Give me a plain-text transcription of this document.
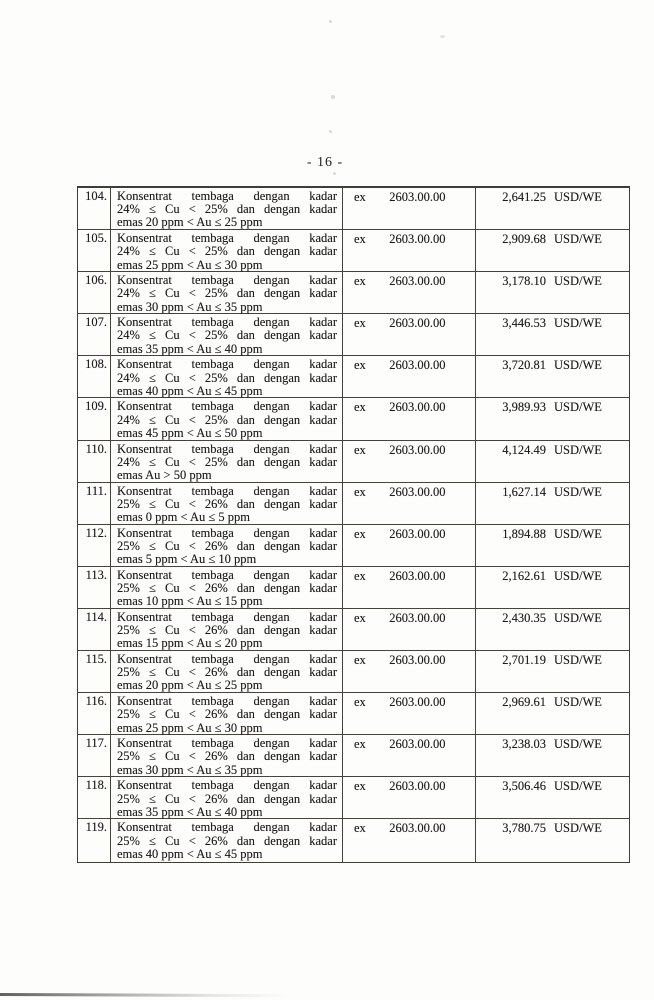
- 16 -
104. Konsentrat tembaga dengan kadar
24% ≤ Cu < 25% dan dengan kadar
emas 20 ppm < Au ≤ 25 ppm
ex	2603.00.00	2,641.25 USD/WE
105. Konsentrat tembaga dengan kadar
24% ≤ Cu < 25% dan dengan kadar
emas 25 ppm < Au ≤ 30 ppm
ex	2603.00.00	2,909.68 USD/WE
106. Konsentrat tembaga dengan kadar
24% ≤ Cu < 25% dan dengan kadar
emas 30 ppm < Au ≤ 35 ppm
ex	2603.00.00	3,178.10 USD/WE
107. Konsentrat tembaga dengan kadar
24% ≤ Cu < 25% dan dengan kadar
emas 35 ppm < Au ≤ 40 ppm
ex	2603.00.00	3,446.53 USD/WE
108. Konsentrat tembaga dengan kadar
24% ≤ Cu < 25% dan dengan kadar
emas 40 ppm < Au ≤ 45 ppm
ex	2603.00.00	3,720.81 USD/WE
109. Konsentrat tembaga dengan kadar
24% ≤ Cu < 25% dan dengan kadar
emas 45 ppm < Au ≤ 50 ppm
ex	2603.00.00	3,989.93 USD/WE
110. Konsentrat tembaga dengan kadar
24% ≤ Cu < 25% dan dengan kadar
emas Au > 50 ppm
ex	2603.00.00	4,124.49 USD/WE
111. Konsentrat tembaga dengan kadar
25% ≤ Cu < 26% dan dengan kadar
emas 0 ppm < Au ≤ 5 ppm
ex	2603.00.00	1,627.14 USD/WE
112. Konsentrat tembaga dengan kadar
25% ≤ Cu < 26% dan dengan kadar
emas 5 ppm < Au ≤ 10 ppm
ex	2603.00.00	1,894.88 USD/WE
113. Konsentrat tembaga dengan kadar
25% ≤ Cu < 26% dan dengan kadar
emas 10 ppm < Au ≤ 15 ppm
ex	2603.00.00	2,162.61 USD/WE
114. Konsentrat tembaga dengan kadar
25% ≤ Cu < 26% dan dengan kadar
emas 15 ppm < Au ≤ 20 ppm
ex	2603.00.00	2,430.35 USD/WE
115. Konsentrat tembaga dengan kadar
25% ≤ Cu < 26% dan dengan kadar
emas 20 ppm < Au ≤ 25 ppm
ex	2603.00.00	2,701.19 USD/WE
116. Konsentrat tembaga dengan kadar
25% ≤ Cu < 26% dan dengan kadar
emas 25 ppm < Au ≤ 30 ppm
ex	2603.00.00	2,969.61 USD/WE
117. Konsentrat tembaga dengan kadar
25% ≤ Cu < 26% dan dengan kadar
emas 30 ppm < Au ≤ 35 ppm
ex	2603.00.00	3,238.03 USD/WE
118. Konsentrat tembaga dengan kadar
25% ≤ Cu < 26% dan dengan kadar
emas 35 ppm < Au ≤ 40 ppm
ex	2603.00.00	3,506.46 USD/WE
119. Konsentrat tembaga dengan kadar
25% ≤ Cu < 26% dan dengan kadar
emas 40 ppm < Au ≤ 45 ppm
ex	2603.00.00	3,780.75 USD/WE
